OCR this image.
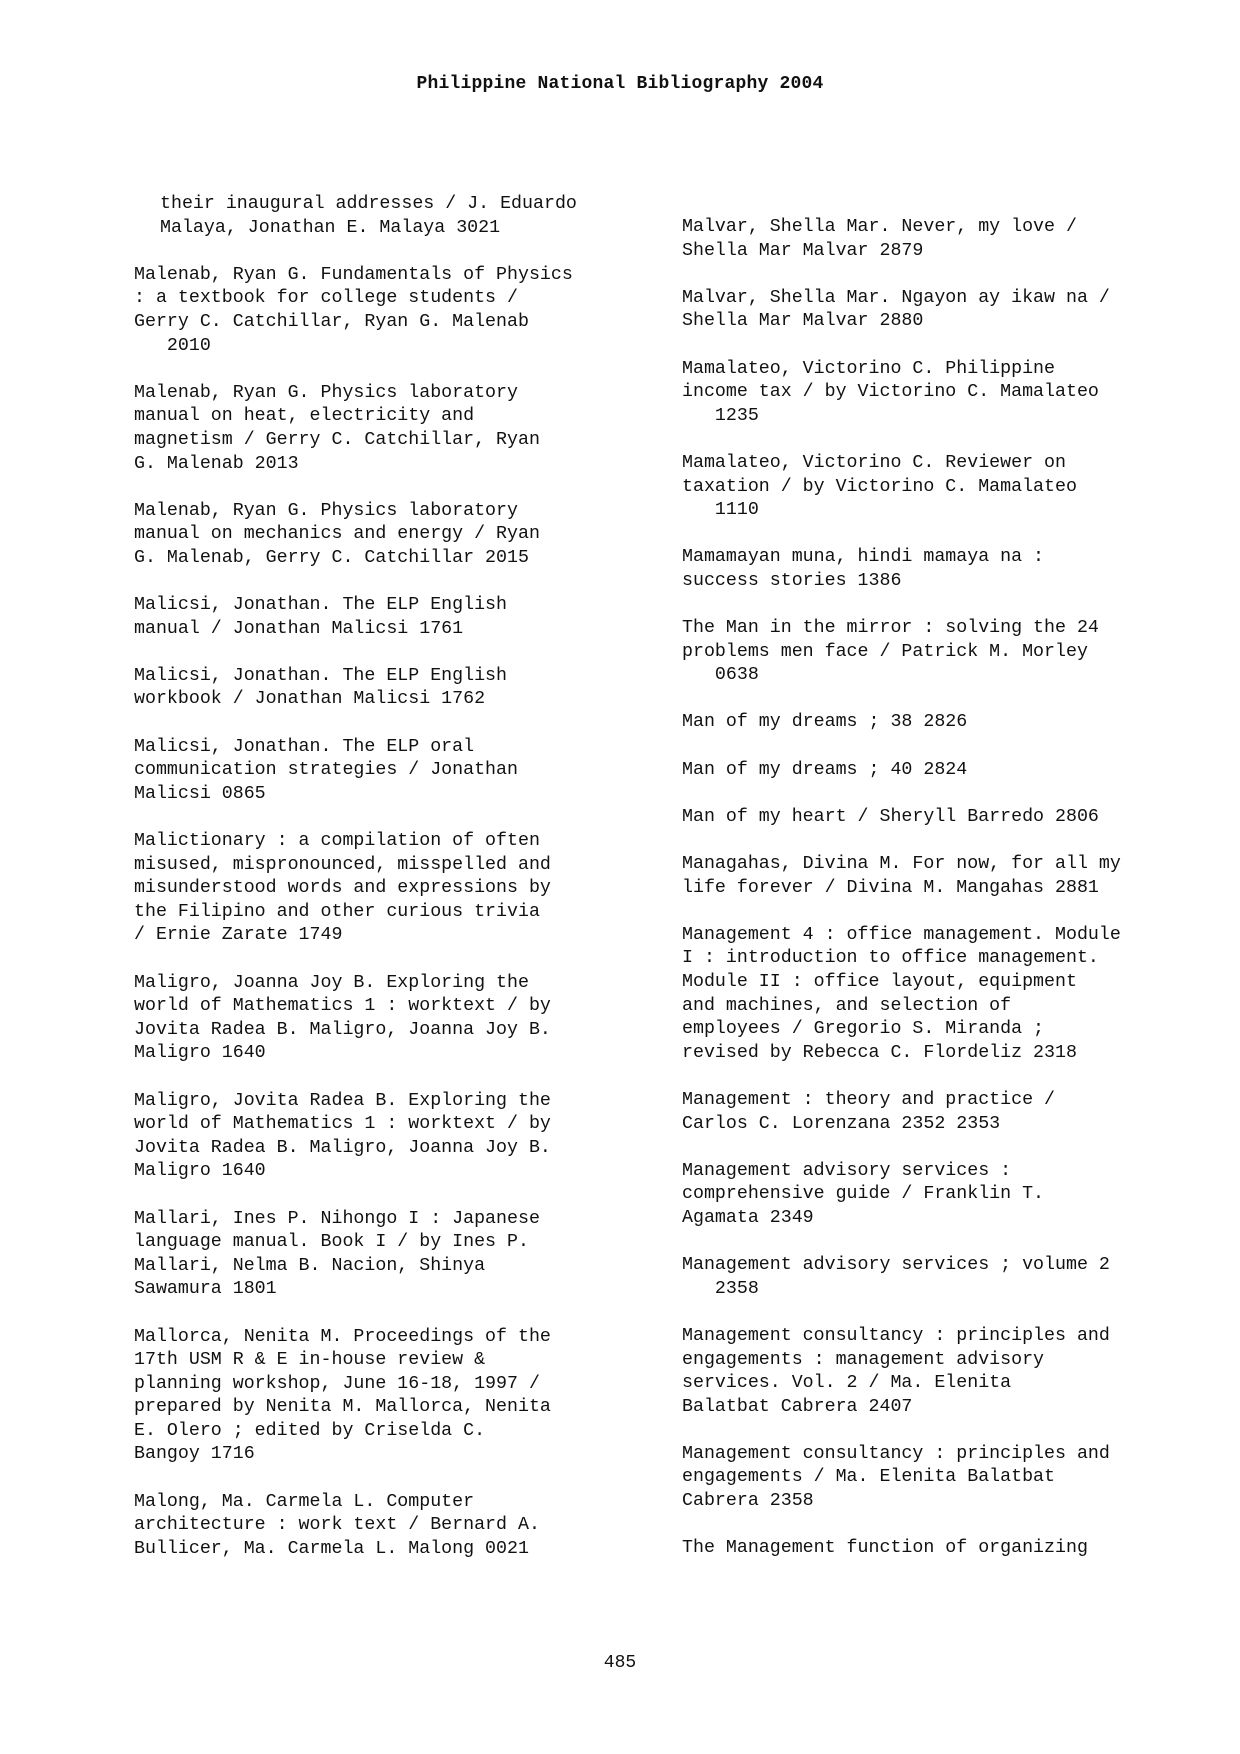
Philippine National Bibliography 2004
their inaugural addresses / J. Eduardo
Malaya, Jonathan E. Malaya 3021
Malenab, Ryan G. Fundamentals of Physics
: a textbook for college students /
Gerry C. Catchillar, Ryan G. Malenab
2010
Malenab, Ryan G. Physics laboratory
manual on heat, electricity and
magnetism / Gerry C. Catchillar, Ryan
G. Malenab 2013
Malenab, Ryan G. Physics laboratory
manual on mechanics and energy / Ryan
G. Malenab, Gerry C. Catchillar 2015
Malicsi, Jonathan. The ELP English
manual / Jonathan Malicsi 1761
Malicsi, Jonathan. The ELP English
workbook / Jonathan Malicsi 1762
Malicsi, Jonathan. The ELP oral
communication strategies / Jonathan
Malicsi 0865
Malictionary : a compilation of often
misused, mispronounced, misspelled and
misunderstood words and expressions by
the Filipino and other curious trivia
/ Ernie Zarate 1749
Maligro, Joanna Joy B. Exploring the
world of Mathematics 1 : worktext / by
Jovita Radea B. Maligro, Joanna Joy B.
Maligro 1640
Maligro, Jovita Radea B. Exploring the
world of Mathematics 1 : worktext / by
Jovita Radea B. Maligro, Joanna Joy B.
Maligro 1640
Mallari, Ines P. Nihongo I : Japanese
language manual. Book I / by Ines P.
Mallari, Nelma B. Nacion, Shinya
Sawamura 1801
Mallorca, Nenita M. Proceedings of the
17th USM R & E in-house review &
planning workshop, June 16-18, 1997 /
prepared by Nenita M. Mallorca, Nenita
E. Olero ; edited by Criselda C.
Bangoy 1716
Malong, Ma. Carmela L. Computer
architecture : work text / Bernard A.
Bullicer, Ma. Carmela L. Malong 0021
Malvar, Shella Mar. Never, my love /
Shella Mar Malvar 2879
Malvar, Shella Mar. Ngayon ay ikaw na /
Shella Mar Malvar 2880
Mamalateo, Victorino C. Philippine
income tax / by Victorino C. Mamalateo
1235
Mamalateo, Victorino C. Reviewer on
taxation / by Victorino C. Mamalateo
1110
Mamamayan muna, hindi mamaya na :
success stories 1386
The Man in the mirror : solving the 24
problems men face / Patrick M. Morley
0638
Man of my dreams ; 38 2826
Man of my dreams ; 40 2824
Man of my heart / Sheryll Barredo 2806
Managahas, Divina M. For now, for all my
life forever / Divina M. Mangahas 2881
Management 4 : office management. Module
I : introduction to office management.
Module II : office layout, equipment
and machines, and selection of
employees / Gregorio S. Miranda ;
revised by Rebecca C. Flordeliz 2318
Management : theory and practice /
Carlos C. Lorenzana 2352 2353
Management advisory services :
comprehensive guide / Franklin T.
Agamata 2349
Management advisory services ; volume 2
2358
Management consultancy : principles and
engagements : management advisory
services. Vol. 2 / Ma. Elenita
Balatbat Cabrera 2407
Management consultancy : principles and
engagements / Ma. Elenita Balatbat
Cabrera 2358
The Management function of organizing
485
